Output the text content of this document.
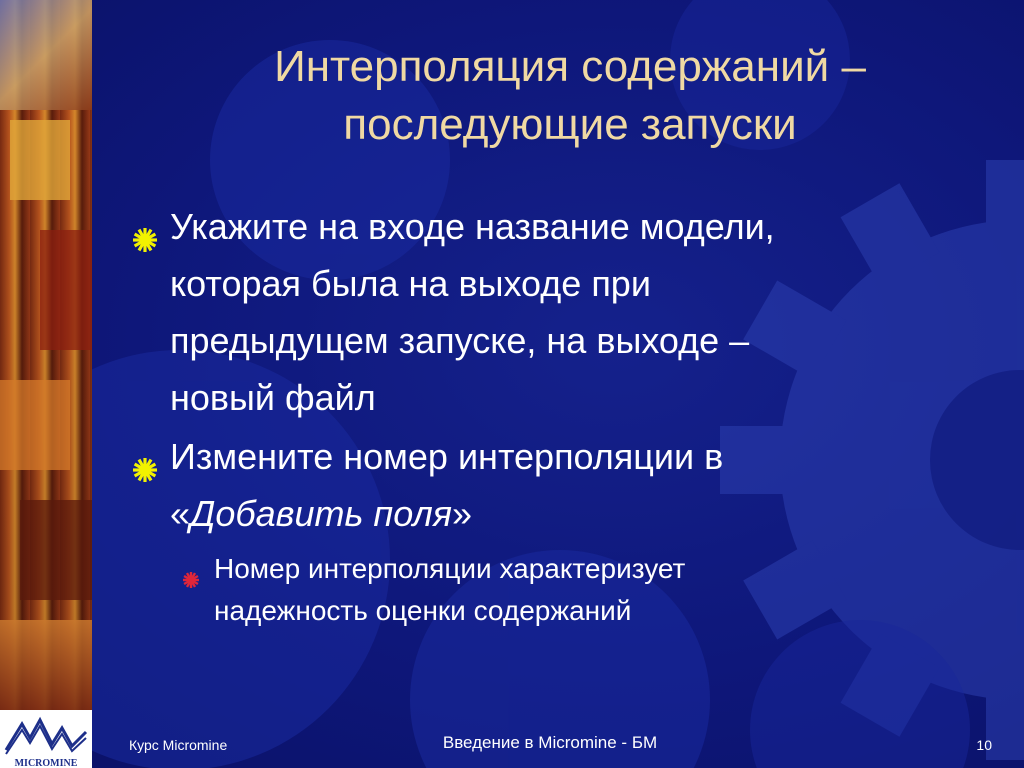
MICROMINE
Интерполяция содержаний –
последующие запуски
Укажите на входе название модели,
которая была на выходе при
предыдущем запуске, на выходе –
новый файл
Измените номер интерполяции в
«Добавить поля»
Номер интерполяции характеризует
надежность оценки содержаний
Курс Micromine	Введение в Micromine - БМ	10
